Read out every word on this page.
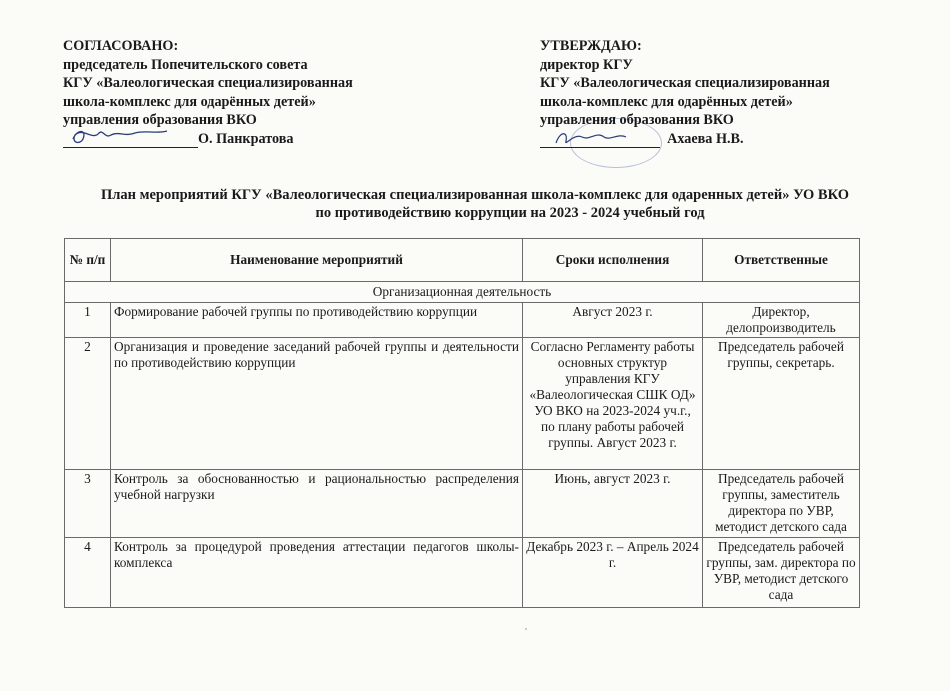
СОГЛАСОВАНО:
председатель Попечительского совета
КГУ «Валеологическая специализированная
школа-комплекс для одарённых детей»
управления образования ВКО
О. Панкратова
УТВЕРЖДАЮ:
директор КГУ
КГУ «Валеологическая специализированная
школа-комплекс для одарённых детей»
управления образования ВКО
Ахаева Н.В.
План мероприятий КГУ «Валеологическая специализированная школа-комплекс для одаренных детей» УО ВКО
по противодействию коррупции на 2023 - 2024 учебный год
№ п/п	Наименование мероприятий	Сроки исполнения	Ответственные
Организационная деятельность			
1	Формирование рабочей группы по противодействию коррупции	Август 2023 г.	Директор, делопроизводитель
2	Организация и проведение заседаний рабочей группы и деятельности по противодействию коррупции	Согласно Регламенту работы основных структур управления КГУ «Валеологическая СШК ОД» УО ВКО на 2023-2024 уч.г., по плану работы рабочей группы. Август 2023 г.	Председатель рабочей группы, секретарь.
3	Контроль за обоснованностью и рациональностью распределения учебной нагрузки	Июнь, август 2023 г.	Председатель рабочей группы, заместитель директора по УВР, методист детского сада
4	Контроль за процедурой проведения аттестации педагогов школы-комплекса	Декабрь 2023 г. – Апрель 2024 г.	Председатель рабочей группы, зам. директора по УВР, методист детского сада
